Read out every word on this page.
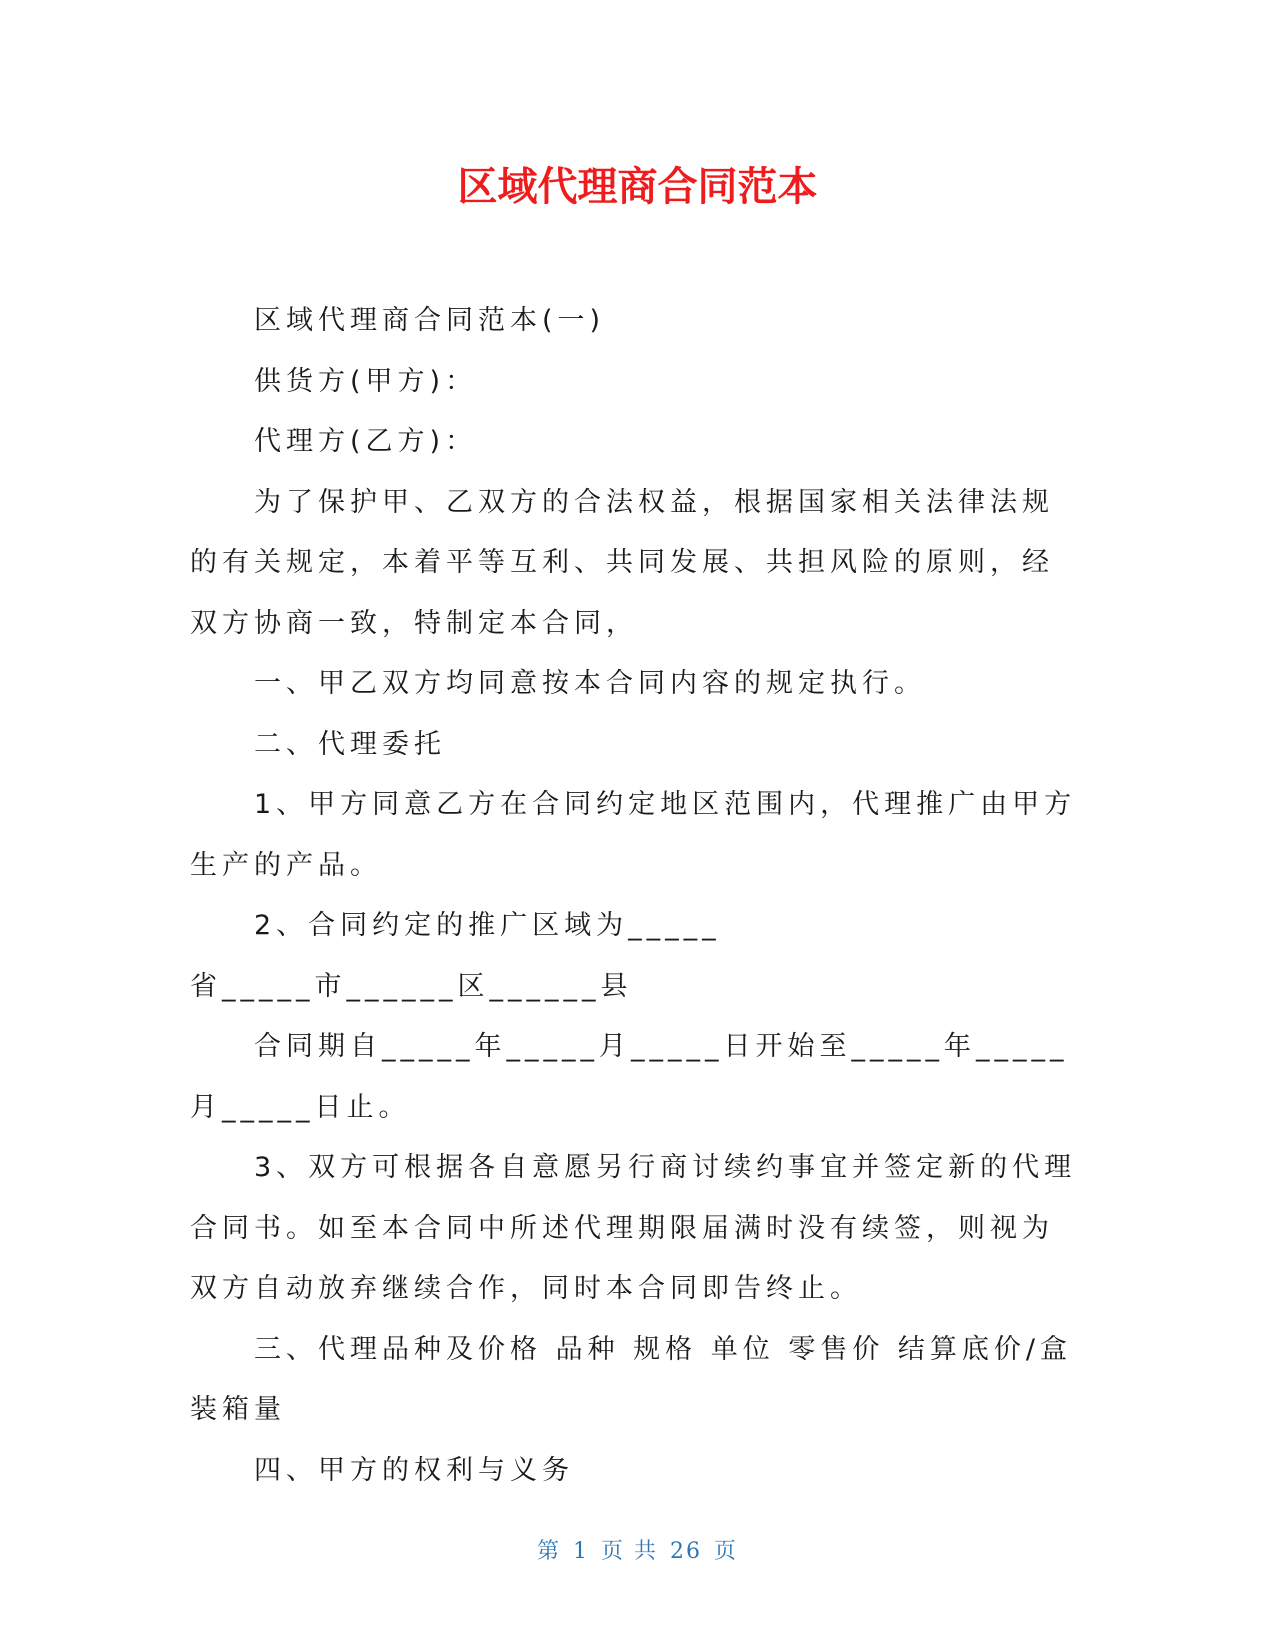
区域代理商合同范本

区域代理商合同范本(一)

供货方(甲方)：

代理方(乙方)：

为了保护甲、乙双方的合法权益，根据国家相关法律法规的有关规定，本着平等互利、共同发展、共担风险的原则，经双方协商一致，特制定本合同，

一、甲乙双方均同意按本合同内容的规定执行。

二、代理委托

1、甲方同意乙方在合同约定地区范围内，代理推广由甲方生产的产品。

2、合同约定的推广区域为_____

省_____市______区______县

合同期自_____年_____月_____日开始至_____年_____月_____日止。

3、双方可根据各自意愿另行商讨续约事宜并签定新的代理合同书。如至本合同中所述代理期限届满时没有续签，则视为双方自动放弃继续合作，同时本合同即告终止。

三、代理品种及价格 品种 规格 单位 零售价 结算底价/盒装箱量

四、甲方的权利与义务

第 1 页 共 26 页
